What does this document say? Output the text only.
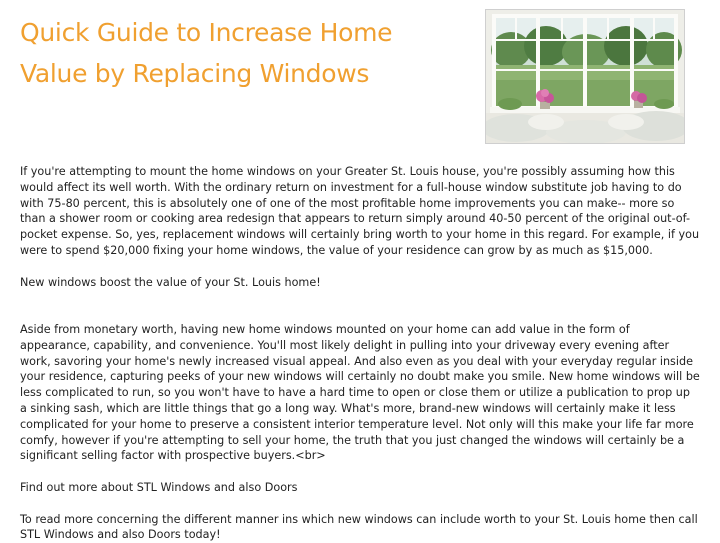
Quick Guide to Increase Home Value by Replacing Windows

If you're attempting to mount the home windows on your Greater St. Louis house, you're possibly assuming how this would affect its well worth. With the ordinary return on investment for a full-house window substitute job having to do with 75-80 percent, this is absolutely one of one of the most profitable home improvements you can make-- more so than a shower room or cooking area redesign that appears to return simply around 40-50 percent of the original out-of-pocket expense. So, yes, replacement windows will certainly bring worth to your home in this regard. For example, if you were to spend $20,000 fixing your home windows, the value of your residence can grow by as much as $15,000.

New windows boost the value of your St. Louis home!

Aside from monetary worth, having new home windows mounted on your home can add value in the form of appearance, capability, and convenience. You'll most likely delight in pulling into your driveway every evening after work, savoring your home's newly increased visual appeal. And also even as you deal with your everyday regular inside your residence, capturing peeks of your new windows will certainly no doubt make you smile. New home windows will be less complicated to run, so you won't have to have a hard time to open or close them or utilize a publication to prop up a sinking sash, which are little things that go a long way. What's more, brand-new windows will certainly make it less complicated for your home to preserve a consistent interior temperature level. Not only will this make your life far more comfy, however if you're attempting to sell your home, the truth that you just changed the windows will certainly be a significant selling factor with prospective buyers.<br>

Find out more about STL Windows and also Doors

To read more concerning the different manner ins which new windows can include worth to your St. Louis home then call STL Windows and also Doors today!
